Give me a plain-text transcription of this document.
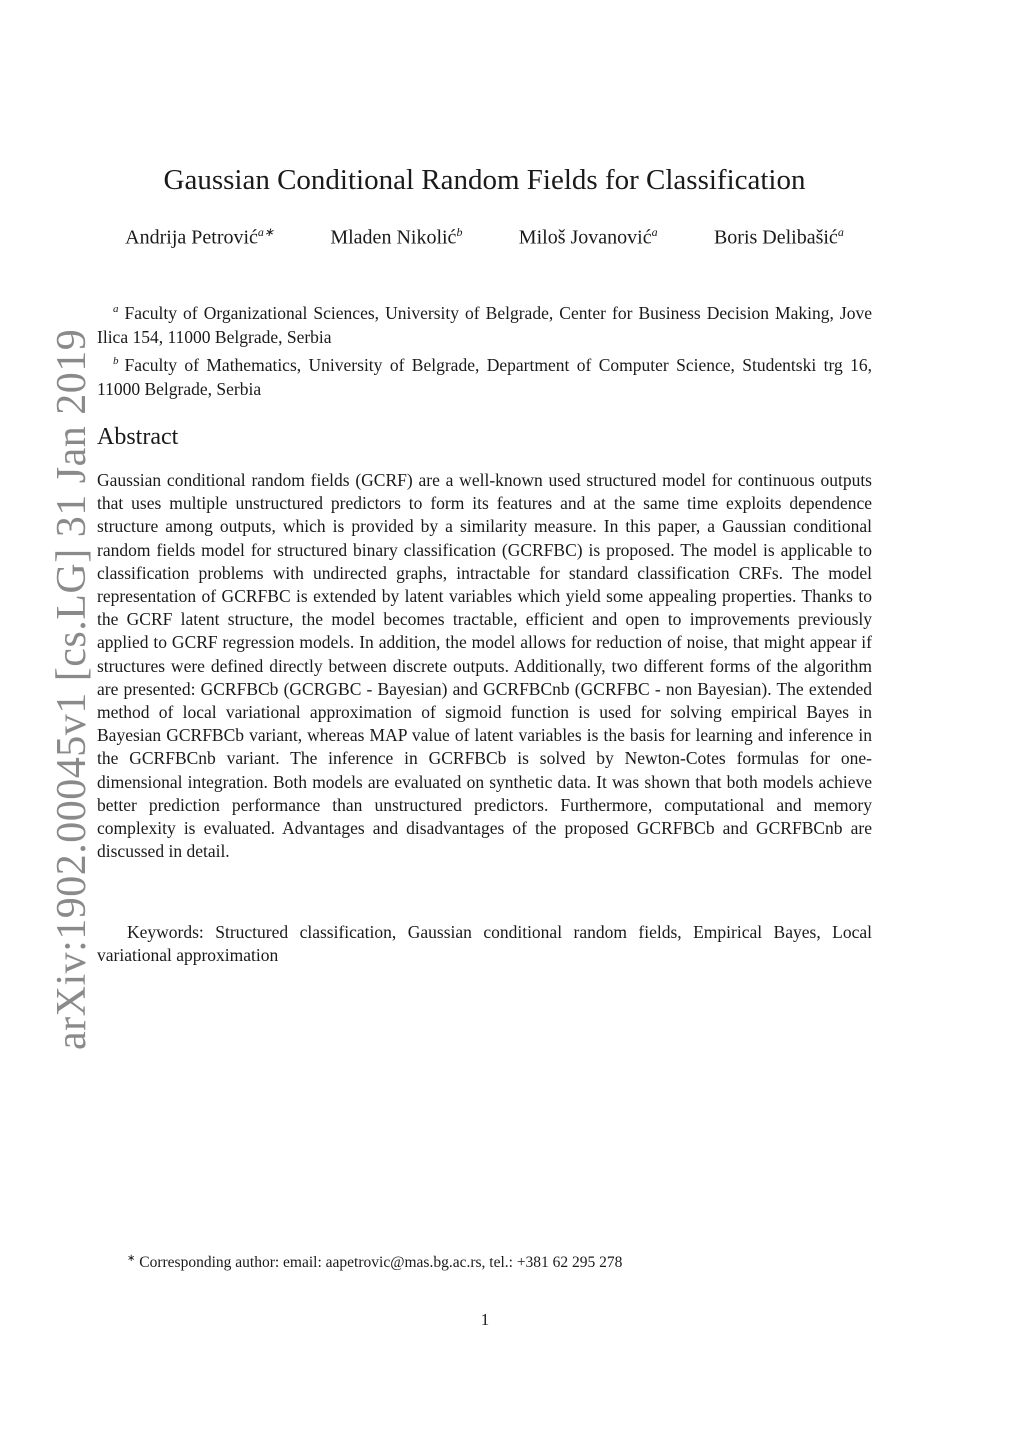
arXiv:1902.00045v1 [cs.LG] 31 Jan 2019
Gaussian Conditional Random Fields for Classification
Andrija Petrović$^{a∗}$	Mladen Nikolić$^b$	Miloš Jovanović$^a$	Boris Delibašić$^a$

$^a$ Faculty of Organizational Sciences, University of Belgrade, Center for Business Decision Making, Jove Ilica 154, 11000 Belgrade, Serbia

$^b$ Faculty of Mathematics, University of Belgrade, Department of Computer Science, Studentski trg 16, 11000 Belgrade, Serbia

Abstract

Gaussian conditional random fields (GCRF) are a well-known used structured model for continuous outputs that uses multiple unstructured predictors to form its features and at the same time exploits dependence structure among outputs, which is provided by a similarity measure. In this paper, a Gaussian conditional random fields model for structured binary classification (GCRFBC) is proposed. The model is applicable to classification problems with undirected graphs, intractable for standard classification CRFs. The model representation of GCRFBC is extended by latent variables which yield some appealing properties. Thanks to the GCRF latent structure, the model becomes tractable, efficient and open to improvements previously applied to GCRF regression models. In addition, the model allows for reduction of noise, that might appear if structures were defined directly between discrete outputs. Additionally, two different forms of the algorithm are presented: GCRFBCb (GCRGBC - Bayesian) and GCRFBCnb (GCRFBC - non Bayesian). The extended method of local variational approximation of sigmoid function is used for solving empirical Bayes in Bayesian GCRFBCb variant, whereas MAP value of latent variables is the basis for learning and inference in the GCRFBCnb variant. The inference in GCRFBCb is solved by Newton-Cotes formulas for one-dimensional integration. Both models are evaluated on synthetic data. It was shown that both models achieve better prediction performance than unstructured predictors. Furthermore, computational and memory complexity is evaluated. Advantages and disadvantages of the proposed GCRFBCb and GCRFBCnb are discussed in detail.

Keywords: Structured classification, Gaussian conditional random fields, Empirical Bayes, Local variational approximation

∗ Corresponding author: email: aapetrovic@mas.bg.ac.rs, tel.: +381 62 295 278
1
